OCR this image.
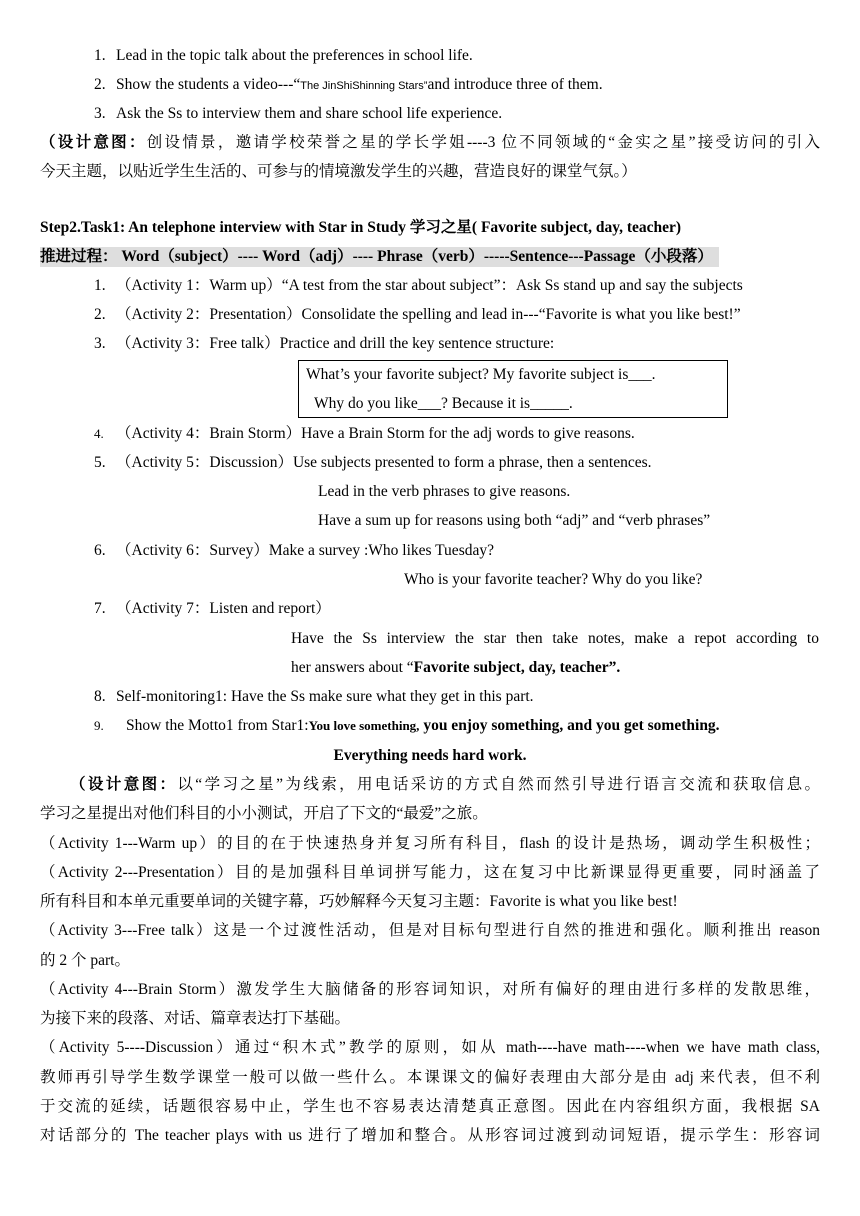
1. Lead in the topic talk about the preferences in school life.
2. Show the students a video---“The JinShiShinning Stars”and introduce three of them.
3. Ask the Ss to interview them and share school life experience.
（设计意图：创设情景，邀请学校荣誉之星的学长学姐----3 位不同领域的“金实之星”接受访问的引入
今天主题，以贴近学生生活的、可参与的情境激发学生的兴趣，营造良好的课堂气氛。）
Step2.Task1: An telephone interview with Star in Study 学习之星( Favorite subject, day, teacher)
推进过程： Word（subject）---- Word（adj）---- Phrase（verb）-----Sentence---Passage（小段落）
1. （Activity 1：Warm up）“A test from the star about subject”：Ask Ss stand up and say the subjects
2. （Activity 2：Presentation）Consolidate the spelling and lead in---“Favorite is what you like best!”
3. （Activity 3：Free talk）Practice and drill the key sentence structure:
What’s your favorite subject? My favorite subject is___.
Why do you like___? Because it is_____.
4. （Activity 4：Brain Storm）Have a Brain Storm for the adj words to give reasons.
5. （Activity 5：Discussion）Use subjects presented to form a phrase, then a sentences.
Lead in the verb phrases to give reasons.
Have a sum up for reasons using both “adj” and “verb phrases”
6. （Activity 6：Survey）Make a survey :Who likes Tuesday?
Who is your favorite teacher? Why do you like?
7. （Activity 7：Listen and report）
Have the Ss interview the star then take notes, make a repot according to
her answers about “Favorite subject, day, teacher”.
8. Self-monitoring1: Have the Ss make sure what they get in this part.
9. Show the Motto1 from Star1:You love something, you enjoy something, and you get something.
Everything needs hard work.
（设计意图：以“学习之星”为线索，用电话采访的方式自然而然引导进行语言交流和获取信息。
学习之星提出对他们科目的小小测试，开启了下文的“最爱”之旅。
（Activity 1---Warm up）的目的在于快速热身并复习所有科目，flash 的设计是热场，调动学生积极性；
（Activity 2---Presentation）目的是加强科目单词拼写能力，这在复习中比新课显得更重要，同时涵盖了
所有科目和本单元重要单词的关键字幕，巧妙解释今天复习主题：Favorite is what you like best!
（Activity 3---Free talk）这是一个过渡性活动，但是对目标句型进行自然的推进和强化。顺利推出 reason
的 2 个 part。
（Activity 4---Brain Storm）激发学生大脑储备的形容词知识，对所有偏好的理由进行多样的发散思维，
为接下来的段落、对话、篇章表达打下基础。
（Activity 5----Discussion）通过“积木式”教学的原则，如从 math----have math----when we have math class,
教师再引导学生数学课堂一般可以做一些什么。本课课文的偏好表理由大部分是由 adj 来代表，但不利
于交流的延续，话题很容易中止，学生也不容易表达清楚真正意图。因此在内容组织方面，我根据 SA
对话部分的 The teacher plays with us 进行了增加和整合。从形容词过渡到动词短语，提示学生：形容词
